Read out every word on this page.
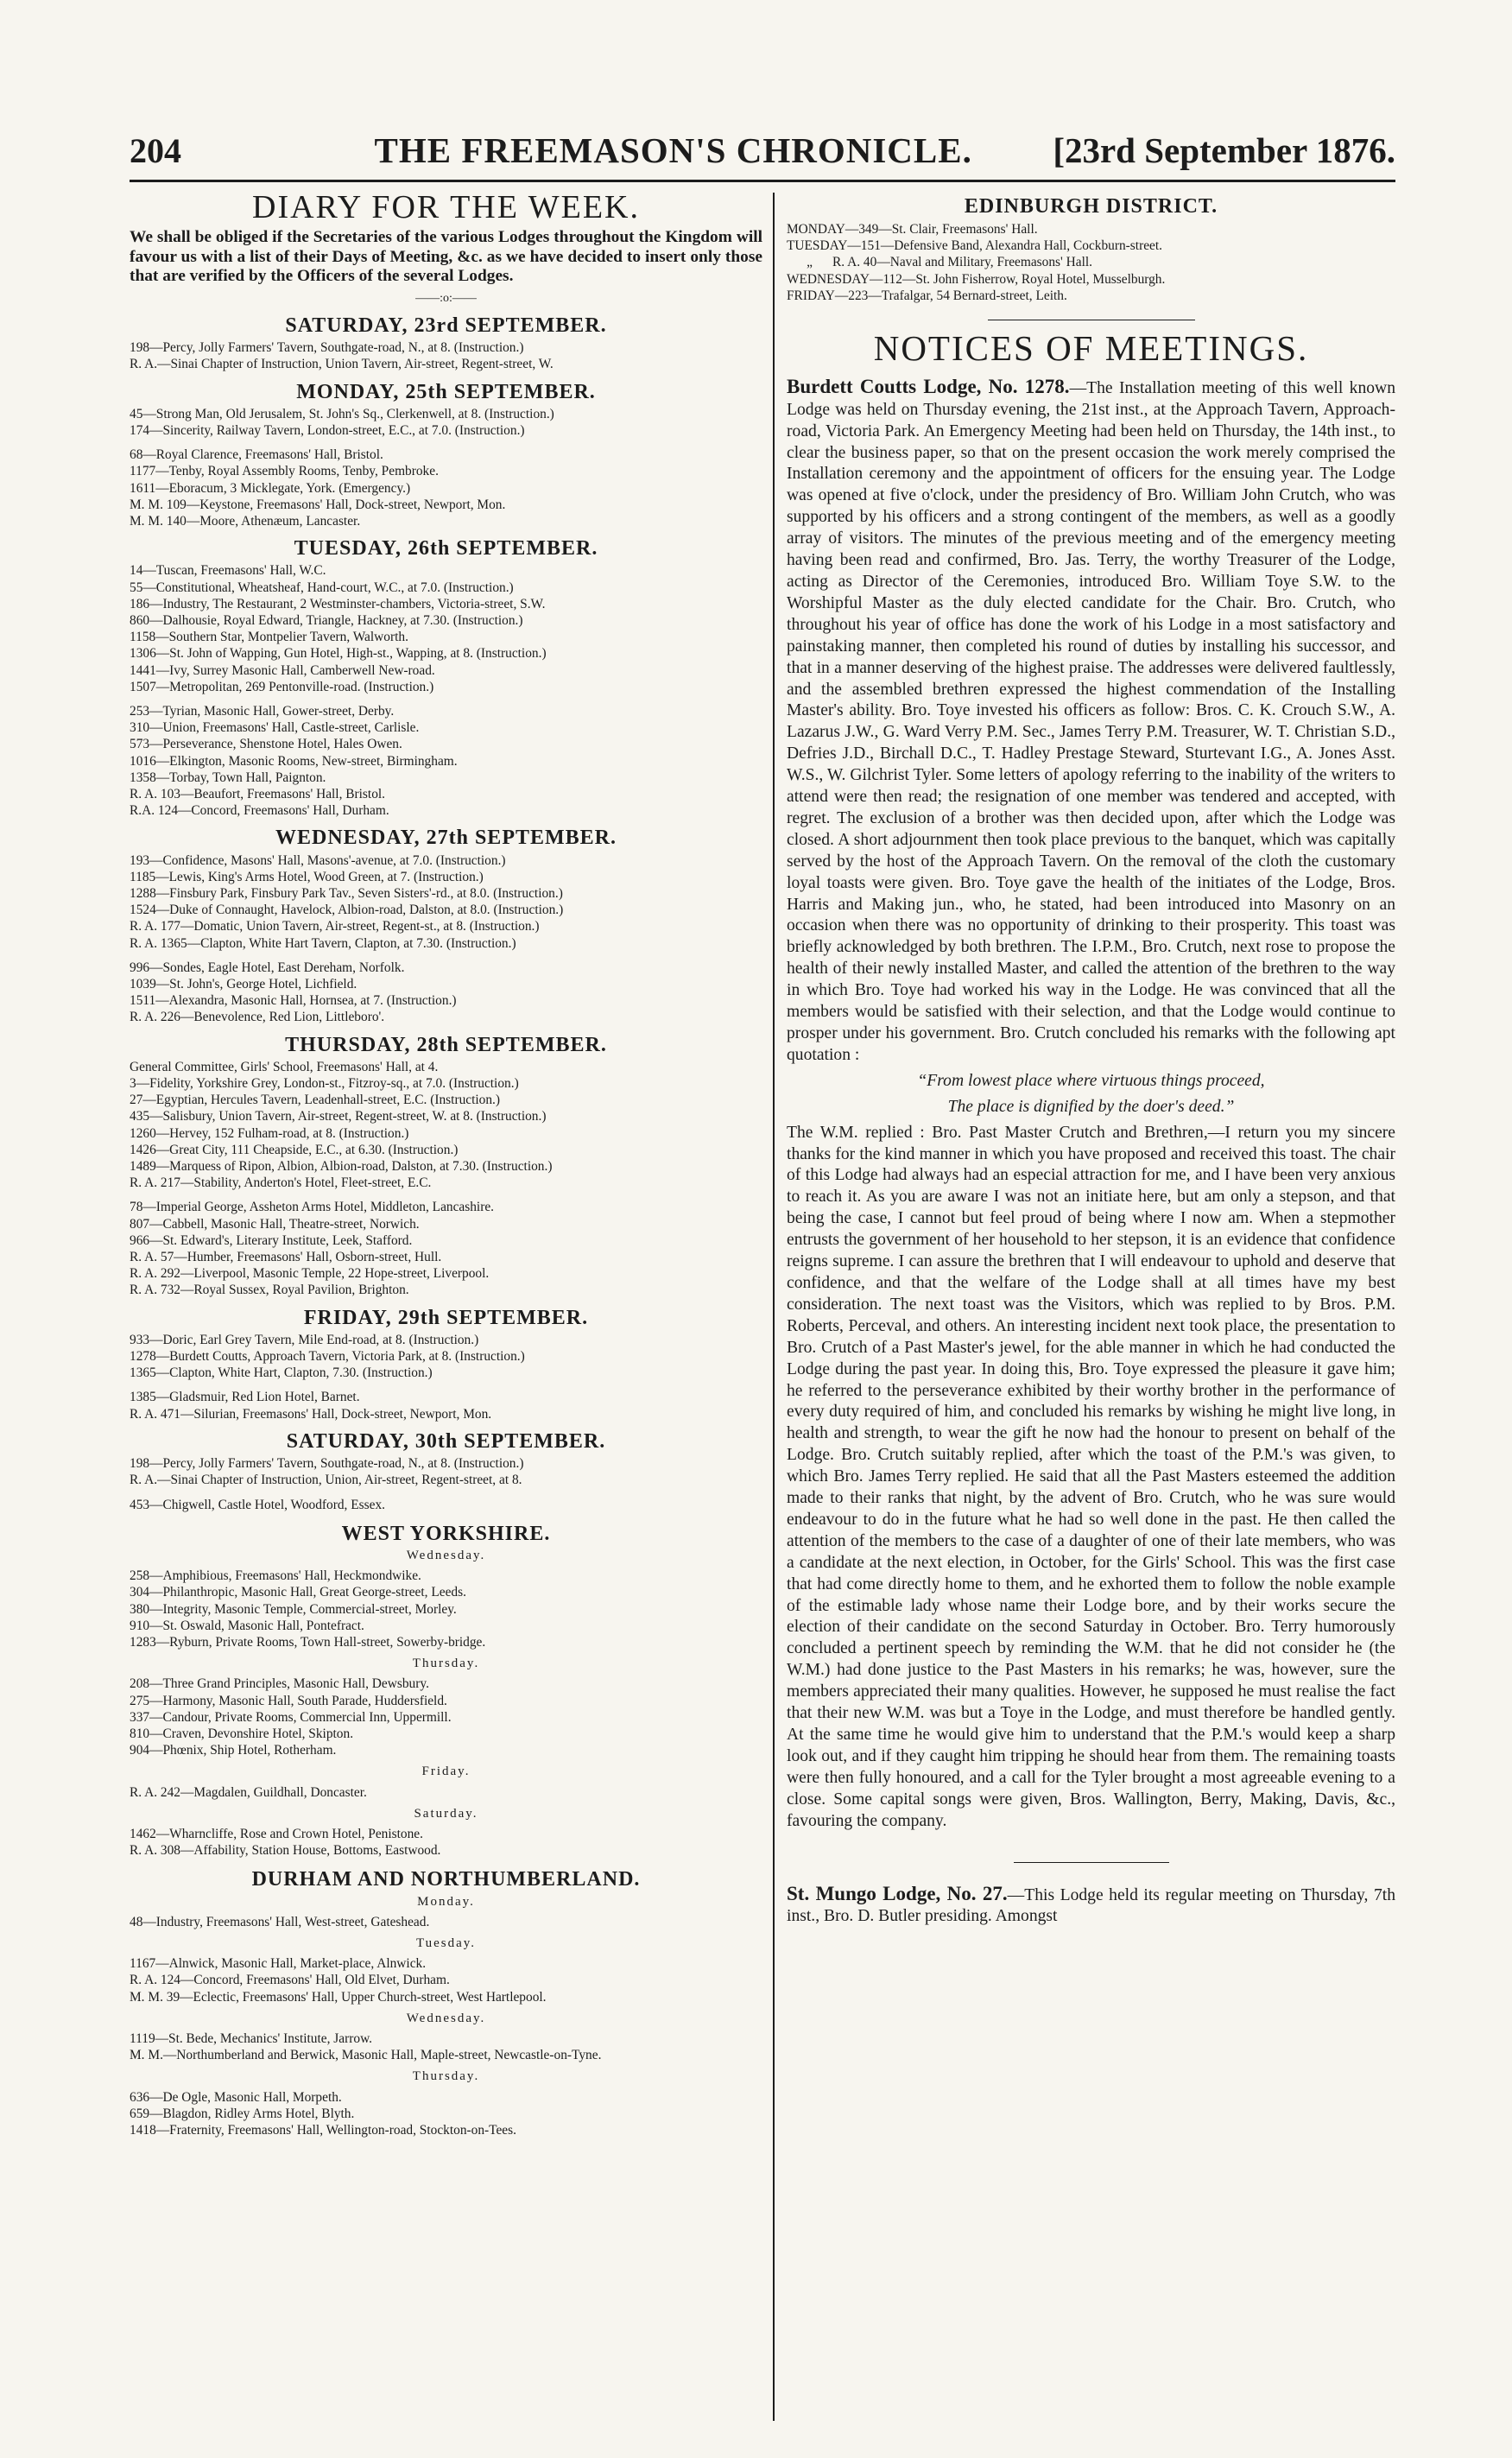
204	THE FREEMASON'S CHRONICLE.	[23rd September 1876.
DIARY FOR THE WEEK.

We shall be obliged if the Secretaries of the various Lodges throughout the Kingdom will favour us with a list of their Days of Meeting, &c. as we have decided to insert only those that are verified by the Officers of the several Lodges.

——:o:——
SATURDAY, 23rd SEPTEMBER.
198—Percy, Jolly Farmers' Tavern, Southgate-road, N., at 8. (Instruction.)
R. A.—Sinai Chapter of Instruction, Union Tavern, Air-street, Regent-street, W.
MONDAY, 25th SEPTEMBER.
45—Strong Man, Old Jerusalem, St. John's Sq., Clerkenwell, at 8. (Instruction.)
174—Sincerity, Railway Tavern, London-street, E.C., at 7.0. (Instruction.)
68—Royal Clarence, Freemasons' Hall, Bristol.
1177—Tenby, Royal Assembly Rooms, Tenby, Pembroke.
1611—Eboracum, 3 Micklegate, York. (Emergency.)
M. M. 109—Keystone, Freemasons' Hall, Dock-street, Newport, Mon.
M. M. 140—Moore, Athenæum, Lancaster.
TUESDAY, 26th SEPTEMBER.
14—Tuscan, Freemasons' Hall, W.C.
55—Constitutional, Wheatsheaf, Hand-court, W.C., at 7.0. (Instruction.)
186—Industry, The Restaurant, 2 Westminster-chambers, Victoria-street, S.W.
860—Dalhousie, Royal Edward, Triangle, Hackney, at 7.30. (Instruction.)
1158—Southern Star, Montpelier Tavern, Walworth.
1306—St. John of Wapping, Gun Hotel, High-st., Wapping, at 8. (Instruction.)
1441—Ivy, Surrey Masonic Hall, Camberwell New-road.
1507—Metropolitan, 269 Pentonville-road. (Instruction.)
253—Tyrian, Masonic Hall, Gower-street, Derby.
310—Union, Freemasons' Hall, Castle-street, Carlisle.
573—Perseverance, Shenstone Hotel, Hales Owen.
1016—Elkington, Masonic Rooms, New-street, Birmingham.
1358—Torbay, Town Hall, Paignton.
R. A. 103—Beaufort, Freemasons' Hall, Bristol.
R.A. 124—Concord, Freemasons' Hall, Durham.
WEDNESDAY, 27th SEPTEMBER.
193—Confidence, Masons' Hall, Masons'-avenue, at 7.0. (Instruction.)
1185—Lewis, King's Arms Hotel, Wood Green, at 7. (Instruction.)
1288—Finsbury Park, Finsbury Park Tav., Seven Sisters'-rd., at 8.0. (Instruction.)
1524—Duke of Connaught, Havelock, Albion-road, Dalston, at 8.0. (Instruction.)
R. A. 177—Domatic, Union Tavern, Air-street, Regent-st., at 8. (Instruction.)
R. A. 1365—Clapton, White Hart Tavern, Clapton, at 7.30. (Instruction.)
996—Sondes, Eagle Hotel, East Dereham, Norfolk.
1039—St. John's, George Hotel, Lichfield.
1511—Alexandra, Masonic Hall, Hornsea, at 7. (Instruction.)
R. A. 226—Benevolence, Red Lion, Littleboro'.
THURSDAY, 28th SEPTEMBER.
General Committee, Girls' School, Freemasons' Hall, at 4.
3—Fidelity, Yorkshire Grey, London-st., Fitzroy-sq., at 7.0. (Instruction.)
27—Egyptian, Hercules Tavern, Leadenhall-street, E.C. (Instruction.)
435—Salisbury, Union Tavern, Air-street, Regent-street, W. at 8. (Instruction.)
1260—Hervey, 152 Fulham-road, at 8. (Instruction.)
1426—Great City, 111 Cheapside, E.C., at 6.30. (Instruction.)
1489—Marquess of Ripon, Albion, Albion-road, Dalston, at 7.30. (Instruction.)
R. A. 217—Stability, Anderton's Hotel, Fleet-street, E.C.
78—Imperial George, Assheton Arms Hotel, Middleton, Lancashire.
807—Cabbell, Masonic Hall, Theatre-street, Norwich.
966—St. Edward's, Literary Institute, Leek, Stafford.
R. A. 57—Humber, Freemasons' Hall, Osborn-street, Hull.
R. A. 292—Liverpool, Masonic Temple, 22 Hope-street, Liverpool.
R. A. 732—Royal Sussex, Royal Pavilion, Brighton.
FRIDAY, 29th SEPTEMBER.
933—Doric, Earl Grey Tavern, Mile End-road, at 8. (Instruction.)
1278—Burdett Coutts, Approach Tavern, Victoria Park, at 8. (Instruction.)
1365—Clapton, White Hart, Clapton, 7.30. (Instruction.)
1385—Gladsmuir, Red Lion Hotel, Barnet.
R. A. 471—Silurian, Freemasons' Hall, Dock-street, Newport, Mon.
SATURDAY, 30th SEPTEMBER.
198—Percy, Jolly Farmers' Tavern, Southgate-road, N., at 8. (Instruction.)
R. A.—Sinai Chapter of Instruction, Union, Air-street, Regent-street, at 8.
453—Chigwell, Castle Hotel, Woodford, Essex.
WEST YORKSHIRE.
Wednesday.
258—Amphibious, Freemasons' Hall, Heckmondwike.
304—Philanthropic, Masonic Hall, Great George-street, Leeds.
380—Integrity, Masonic Temple, Commercial-street, Morley.
910—St. Oswald, Masonic Hall, Pontefract.
1283—Ryburn, Private Rooms, Town Hall-street, Sowerby-bridge.
Thursday.
208—Three Grand Principles, Masonic Hall, Dewsbury.
275—Harmony, Masonic Hall, South Parade, Huddersfield.
337—Candour, Private Rooms, Commercial Inn, Uppermill.
810—Craven, Devonshire Hotel, Skipton.
904—Phœnix, Ship Hotel, Rotherham.
Friday.
R. A. 242—Magdalen, Guildhall, Doncaster.
Saturday.
1462—Wharncliffe, Rose and Crown Hotel, Penistone.
R. A. 308—Affability, Station House, Bottoms, Eastwood.
DURHAM AND NORTHUMBERLAND.
Monday.
48—Industry, Freemasons' Hall, West-street, Gateshead.
Tuesday.
1167—Alnwick, Masonic Hall, Market-place, Alnwick.
R. A. 124—Concord, Freemasons' Hall, Old Elvet, Durham.
M. M. 39—Eclectic, Freemasons' Hall, Upper Church-street, West Hartlepool.
Wednesday.
1119—St. Bede, Mechanics' Institute, Jarrow.
M. M.—Northumberland and Berwick, Masonic Hall, Maple-street, Newcastle-on-Tyne.
Thursday.
636—De Ogle, Masonic Hall, Morpeth.
659—Blagdon, Ridley Arms Hotel, Blyth.
1418—Fraternity, Freemasons' Hall, Wellington-road, Stockton-on-Tees.
EDINBURGH DISTRICT.
MONDAY—349—St. Clair, Freemasons' Hall.
TUESDAY—151—Defensive Band, Alexandra Hall, Cockburn-street.
„      R. A. 40—Naval and Military, Freemasons' Hall.
WEDNESDAY—112—St. John Fisherrow, Royal Hotel, Musselburgh.
FRIDAY—223—Trafalgar, 54 Bernard-street, Leith.
NOTICES OF MEETINGS.

Burdett Coutts Lodge, No. 1278.—The Installation meeting of this well known Lodge was held on Thursday evening, the 21st inst., at the Approach Tavern, Approach-road, Victoria Park. An Emergency Meeting had been held on Thursday, the 14th inst., to clear the business paper, so that on the present occasion the work merely comprised the Installation ceremony and the appointment of officers for the ensuing year. The Lodge was opened at five o'clock, under the presidency of Bro. William John Crutch, who was supported by his officers and a strong contingent of the members, as well as a goodly array of visitors. The minutes of the previous meeting and of the emergency meeting having been read and confirmed, Bro. Jas. Terry, the worthy Treasurer of the Lodge, acting as Director of the Ceremonies, introduced Bro. William Toye S.W. to the Worshipful Master as the duly elected candidate for the Chair. Bro. Crutch, who throughout his year of office has done the work of his Lodge in a most satisfactory and painstaking manner, then completed his round of duties by installing his successor, and that in a manner deserving of the highest praise. The addresses were delivered faultlessly, and the assembled brethren expressed the highest commendation of the Installing Master's ability. Bro. Toye invested his officers as follow: Bros. C. K. Crouch S.W., A. Lazarus J.W., G. Ward Verry P.M. Sec., James Terry P.M. Treasurer, W. T. Christian S.D., Defries J.D., Birchall D.C., T. Hadley Prestage Steward, Sturtevant I.G., A. Jones Asst. W.S., W. Gilchrist Tyler. Some letters of apology referring to the inability of the writers to attend were then read; the resignation of one member was tendered and accepted, with regret. The exclusion of a brother was then decided upon, after which the Lodge was closed. A short adjournment then took place previous to the banquet, which was capitally served by the host of the Approach Tavern. On the removal of the cloth the customary loyal toasts were given. Bro. Toye gave the health of the initiates of the Lodge, Bros. Harris and Making jun., who, he stated, had been introduced into Masonry on an occasion when there was no opportunity of drinking to their prosperity. This toast was briefly acknowledged by both brethren. The I.P.M., Bro. Crutch, next rose to propose the health of their newly installed Master, and called the attention of the brethren to the way in which Bro. Toye had worked his way in the Lodge. He was convinced that all the members would be satisfied with their selection, and that the Lodge would continue to prosper under his government. Bro. Crutch concluded his remarks with the following apt quotation :

“From lowest place where virtuous things proceed,
The place is dignified by the doer's deed.”

The W.M. replied : Bro. Past Master Crutch and Brethren,—I return you my sincere thanks for the kind manner in which you have proposed and received this toast. The chair of this Lodge had always had an especial attraction for me, and I have been very anxious to reach it. As you are aware I was not an initiate here, but am only a stepson, and that being the case, I cannot but feel proud of being where I now am. When a stepmother entrusts the government of her household to her stepson, it is an evidence that confidence reigns supreme. I can assure the brethren that I will endeavour to uphold and deserve that confidence, and that the welfare of the Lodge shall at all times have my best consideration. The next toast was the Visitors, which was replied to by Bros. P.M. Roberts, Perceval, and others. An interesting incident next took place, the presentation to Bro. Crutch of a Past Master's jewel, for the able manner in which he had conducted the Lodge during the past year. In doing this, Bro. Toye expressed the pleasure it gave him; he referred to the perseverance exhibited by their worthy brother in the performance of every duty required of him, and concluded his remarks by wishing he might live long, in health and strength, to wear the gift he now had the honour to present on behalf of the Lodge. Bro. Crutch suitably replied, after which the toast of the P.M.'s was given, to which Bro. James Terry replied. He said that all the Past Masters esteemed the addition made to their ranks that night, by the advent of Bro. Crutch, who he was sure would endeavour to do in the future what he had so well done in the past. He then called the attention of the members to the case of a daughter of one of their late members, who was a candidate at the next election, in October, for the Girls' School. This was the first case that had come directly home to them, and he exhorted them to follow the noble example of the estimable lady whose name their Lodge bore, and by their works secure the election of their candidate on the second Saturday in October. Bro. Terry humorously concluded a pertinent speech by reminding the W.M. that he did not consider he (the W.M.) had done justice to the Past Masters in his remarks; he was, however, sure the members appreciated their many qualities. However, he supposed he must realise the fact that their new W.M. was but a Toye in the Lodge, and must therefore be handled gently. At the same time he would give him to understand that the P.M.'s would keep a sharp look out, and if they caught him tripping he should hear from them. The remaining toasts were then fully honoured, and a call for the Tyler brought a most agreeable evening to a close. Some capital songs were given, Bros. Wallington, Berry, Making, Davis, &c., favouring the company.

St. Mungo Lodge, No. 27.—This Lodge held its regular meeting on Thursday, 7th inst., Bro. D. Butler presiding. Amongst
